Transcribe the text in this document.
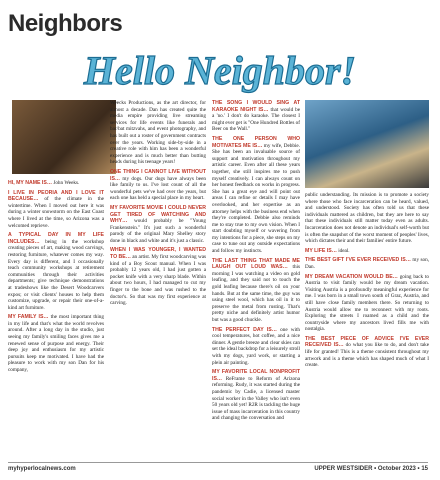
Neighbors
Hello Neighbor!

HI, MY NAME IS… John Weeks.

I LIVE IN PEORIA AND I LOVE IT BECAUSE… of the climate in the wintertime. When I moved out here it was during a winter snowstorm on the East Coast where I lived at the time, so Arizona was a welcomed reprieve.

A TYPICAL DAY IN MY LIFE INCLUDES… being in the workshop creating pieces of art, making wood carvings, restoring furniture, whatever comes my way. Every day is different, and I occasionally teach community workshops at retirement communities through their activities departments; give technique demonstrations at tradeshows like the Desert Woodcarvers expos; or visit clients' houses to help them customize, upgrade, or repair their one-of-a-kind art furniture.

MY FAMILY IS… the most important thing in my life and that's what the world revolves around. After a long day in the studio, just seeing my family's smiling faces gives me a renewed sense of purpose and energy. Their deep joy and enthusiasm for my artistic pursuits keep me motivated. I have had the pleasure to work with my son Dan for his company,

Weecks Productions, as the art director, for almost a decade. Dan has created quite the media empire providing live streaming services for life events like funerals and bar/bat mitzvahs, and event photography, and has built out a roster of government contracts over the years. Working side-by-side in a creative role with him has been a wonderful experience and is much better than butting heads during his teenage years!

ONE THING I CANNOT LIVE WITHOUT IS… my dogs. Our dogs have always been like family to us. I've lost count of all the wonderful pets we've had over the years, but each one has held a special place in my heart.

MY FAVORITE MOVIE I COULD NEVER GET TIRED OF WATCHING AND WHY… would probably be "Young Frankenstein." It's just such a wonderful parody of the original Mary Shelley story done in black and white and it's just a classic.

WHEN I WAS YOUNGER, I WANTED TO BE… an artist. My first woodcarving was kind of a Boy Scout manual. When I was probably 12 years old, I had just gotten a pocket knife with a very sharp blade. Within about two hours, I had managed to cut my finger to the bone and was rushed to the doctor's. So that was my first experience at carving.

THE SONG I WOULD SING AT KARAOKE NIGHT IS… that would be a 'no.' I don't do karaoke. The closest I might ever get is "One Hundred Bottles of Beer on the Wall."

THE ONE PERSON WHO MOTIVATES ME IS… my wife, Debbie. She has been an invaluable source of support and motivation throughout my artistic career. Even after all these years together, she still inspires me to push myself creatively. I can always count on her honest feedback on works in progress. She has a great eye and will point out areas I can refine or details I may have overlooked, and her expertise as an attorney helps with the business end when they're completed. Debbie also reminds me to stay true to my own vision. When I start doubting myself or wavering from my intentions for a piece, she steps on my case to tune out any outside expectations and follow my instincts.

THE LAST THING THAT MADE ME LAUGH OUT LOUD WAS… this morning I was watching a video on gold leafing, and they said not to touch the gold leafing because there's oil on your hands. But at the same time, the guy was using steel wool, which has oil in it to preserve the metal from rusting. That's pretty niche and definitely artist humor but was a good chuckle.

THE PERFECT DAY IS… one with cool temperatures, hot coffee, and a nice dinner. A gentle breeze and clear skies can set the ideal backdrop for a leisurely stroll with my dogs, yard work, or starting a plein air painting.

MY FAVORITE LOCAL NONPROFIT IS… ReFrame to Reform of Arizona reforming. Rudy, it was started during the pandemic by Cadie, a licensed master social worker in the Valley who isn't even 50 years old yet! R2R is tackling the huge issue of mass incarceration in this country and changing the conversation and

public understanding. Its mission is to promote a society where those who face incarceration can be heard, valued, and understood. Society has often told us that these individuals mattered as children, but they are here to say that these individuals still matter today even as adults. Incarceration does not denote an individual's self-worth but is often the snapshot of the worst moment of peoples' lives, which dictates their and their families' entire future.

MY LIFE IS… ideal.

THE BEST GIFT I'VE EVER RECEIVED IS… my son, Dan.

MY DREAM VACATION WOULD BE… going back to Austria to visit family would be my dream vacation. Visiting Austria is a profoundly meaningful experience for me. I was born in a small town south of Graz, Austria, and still have close family members there. So returning to Austria would allow me to reconnect with my roots. Exploring the streets I roamed as a child and the countryside where my ancestors lived fills me with nostalgia.

THE BEST PIECE OF ADVICE I'VE EVER RECEIVED IS… do what you like to do, and don't take life for granted! This is a theme consistent throughout my artwork and is a theme which has shaped much of what I create.

myhyperlocalnews.com	UPPER WESTSIDER • October 2023 • 15
